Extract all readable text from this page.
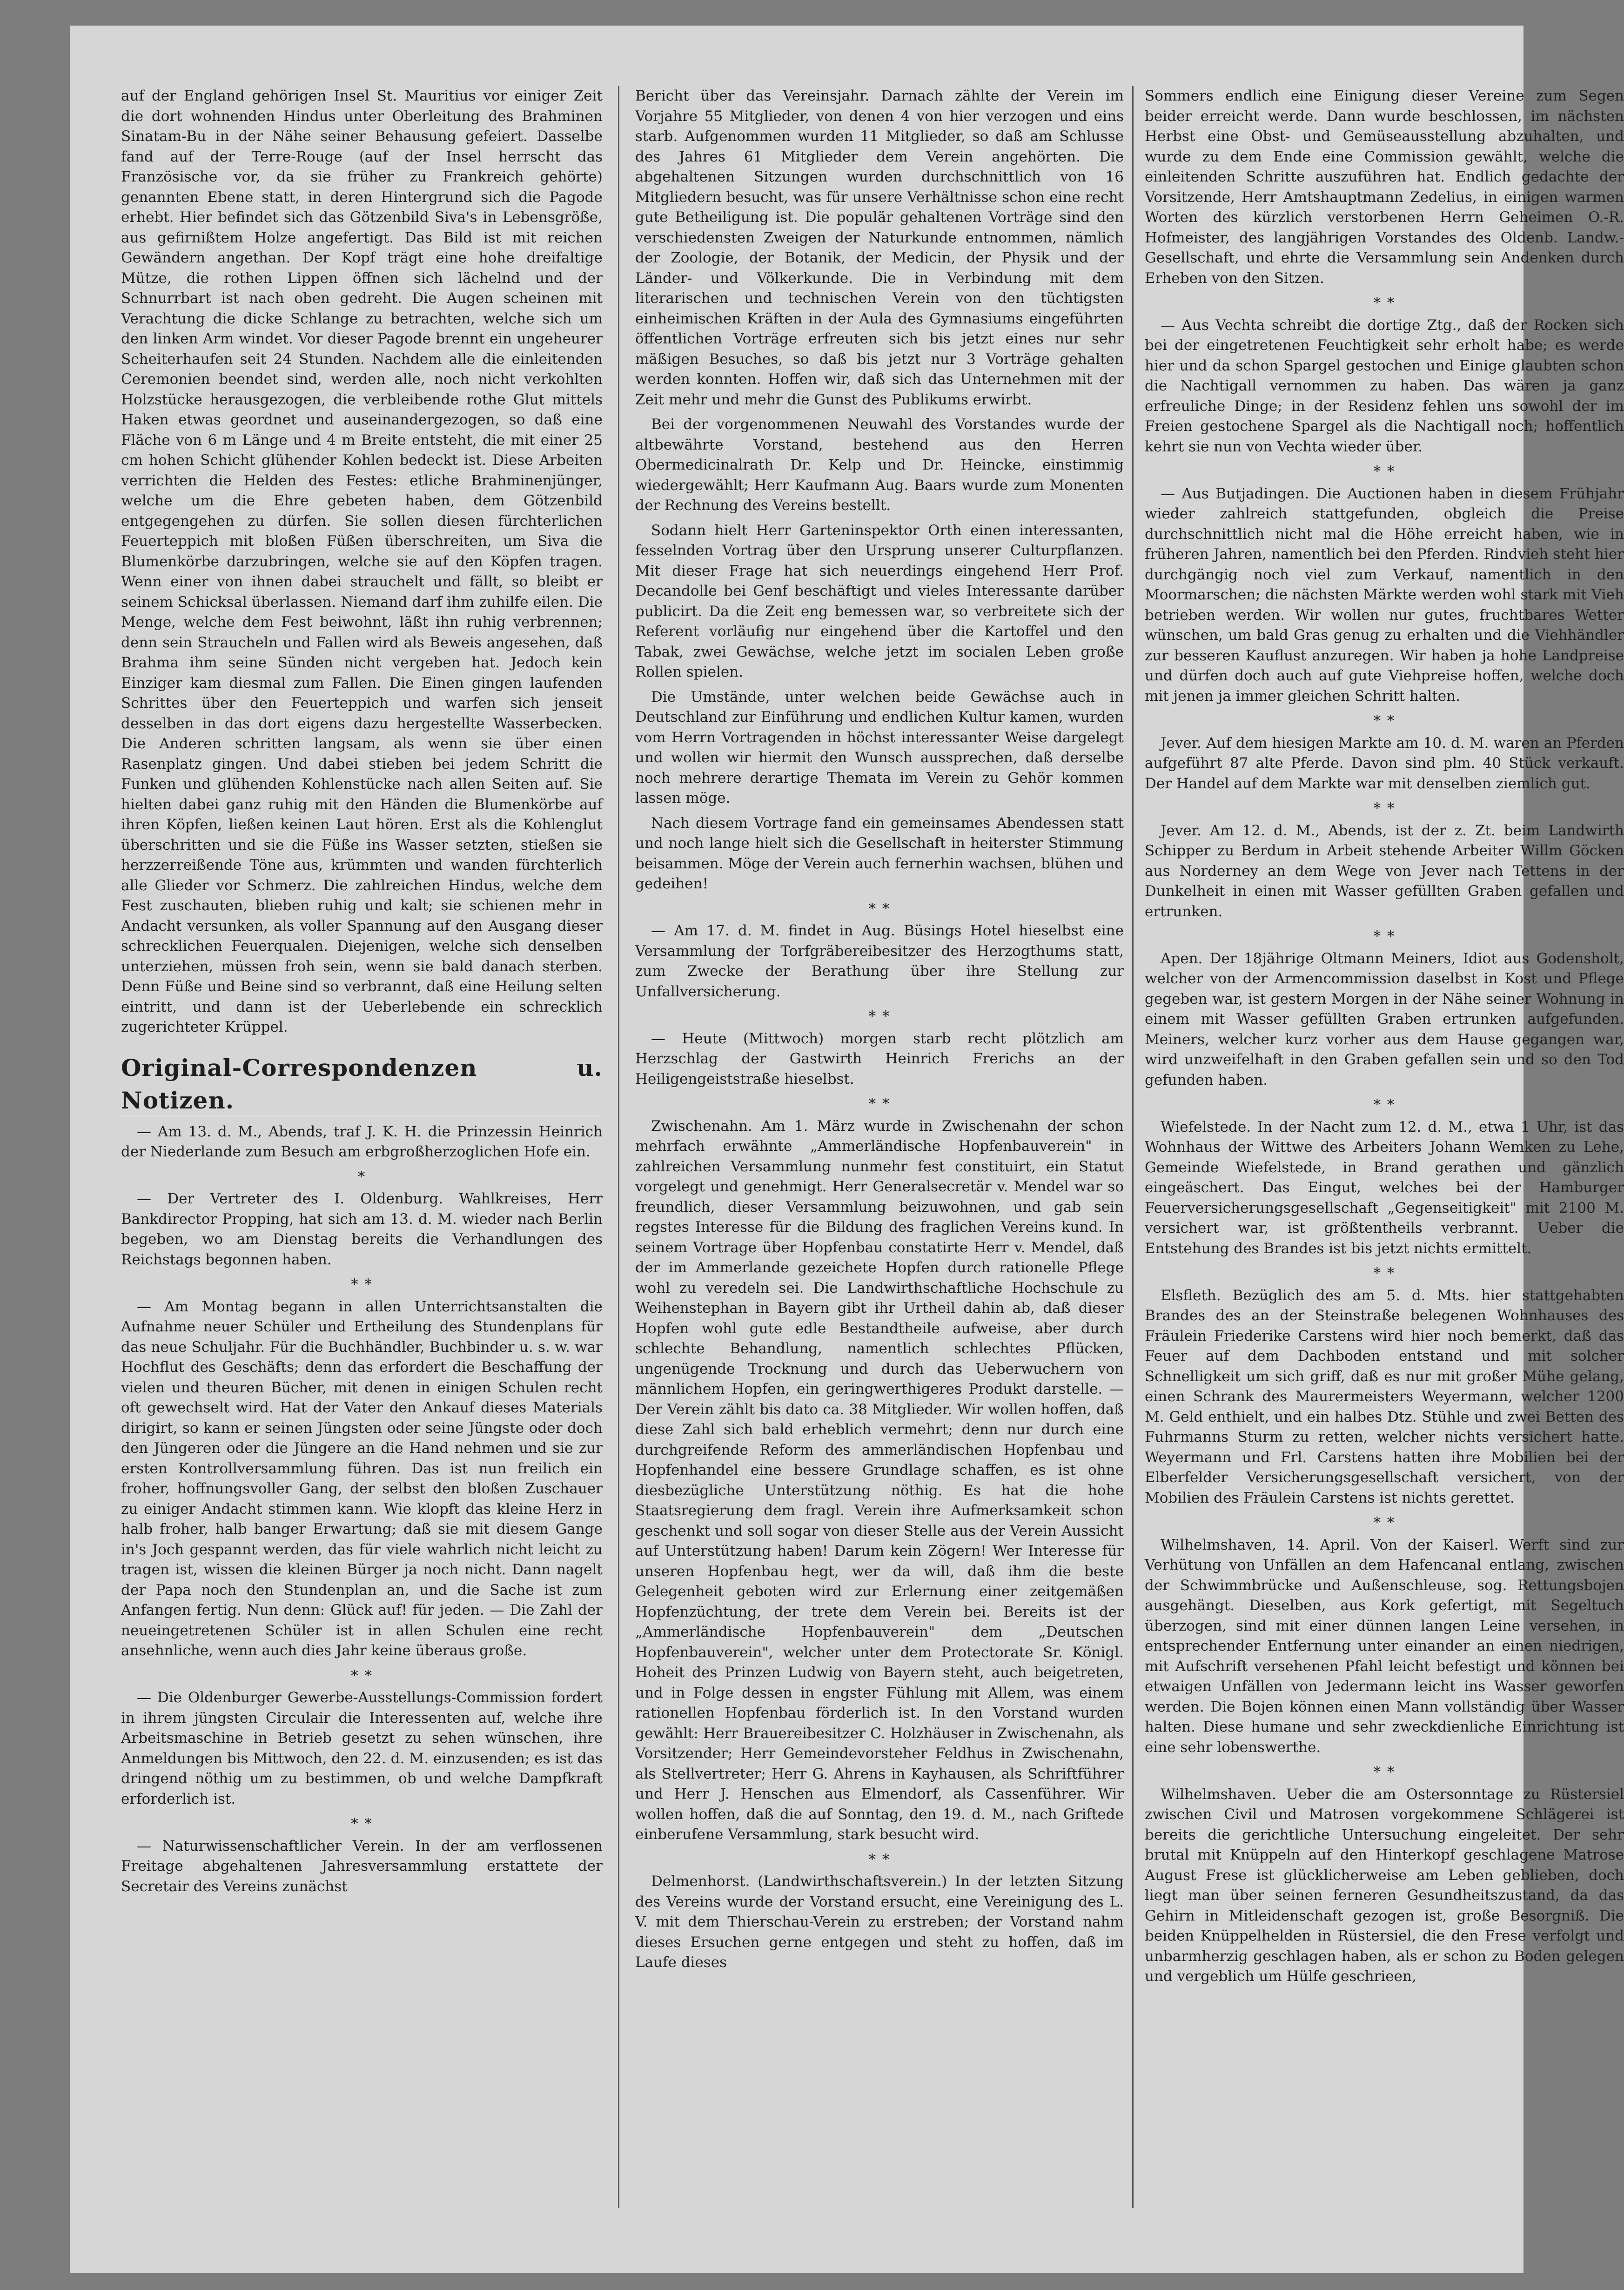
auf der England gehörigen Insel St. Mauritius vor einiger Zeit die dort wohnenden Hindus unter Oberleitung des Brahminen Sinatam-Bu in der Nähe seiner Behausung gefeiert. Dasselbe fand auf der Terre-Rouge (auf der Insel herrscht das Französische vor, da sie früher zu Frankreich gehörte) genannten Ebene statt, in deren Hintergrund sich die Pagode erhebt. Hier befindet sich das Götzenbild Siva's in Lebensgröße, aus gefirnißtem Holze angefertigt. Das Bild ist mit reichen Gewändern angethan. Der Kopf trägt eine hohe dreifaltige Mütze, die rothen Lippen öffnen sich lächelnd und der Schnurrbart ist nach oben gedreht. Die Augen scheinen mit Verachtung die dicke Schlange zu betrachten, welche sich um den linken Arm windet. Vor dieser Pagode brennt ein ungeheurer Scheiterhaufen seit 24 Stunden. Nachdem alle die einleitenden Ceremonien beendet sind, werden alle, noch nicht verkohlten Holzstücke herausgezogen, die verbleibende rothe Glut mittels Haken etwas geordnet und auseinandergezogen, so daß eine Fläche von 6 m Länge und 4 m Breite entsteht, die mit einer 25 cm hohen Schicht glühender Kohlen bedeckt ist. Diese Arbeiten verrichten die Helden des Festes: etliche Brahminenjünger, welche um die Ehre gebeten haben, dem Götzenbild entgegengehen zu dürfen. Sie sollen diesen fürchterlichen Feuerteppich mit bloßen Füßen überschreiten, um Siva die Blumenkörbe darzubringen, welche sie auf den Köpfen tragen. Wenn einer von ihnen dabei strauchelt und fällt, so bleibt er seinem Schicksal überlassen. Niemand darf ihm zuhilfe eilen. Die Menge, welche dem Fest beiwohnt, läßt ihn ruhig verbrennen; denn sein Straucheln und Fallen wird als Beweis angesehen, daß Brahma ihm seine Sünden nicht vergeben hat. Jedoch kein Einziger kam diesmal zum Fallen. Die Einen gingen laufenden Schrittes über den Feuerteppich und warfen sich jenseit desselben in das dort eigens dazu hergestellte Wasserbecken. Die Anderen schritten langsam, als wenn sie über einen Rasenplatz gingen. Und dabei stieben bei jedem Schritt die Funken und glühenden Kohlenstücke nach allen Seiten auf. Sie hielten dabei ganz ruhig mit den Händen die Blumenkörbe auf ihren Köpfen, ließen keinen Laut hören. Erst als die Kohlenglut überschritten und sie die Füße ins Wasser setzten, stießen sie herzzerreißende Töne aus, krümmten und wanden fürchterlich alle Glieder vor Schmerz. Die zahlreichen Hindus, welche dem Fest zuschauten, blieben ruhig und kalt; sie schienen mehr in Andacht versunken, als voller Spannung auf den Ausgang dieser schrecklichen Feuerqualen. Diejenigen, welche sich denselben unterziehen, müssen froh sein, wenn sie bald danach sterben. Denn Füße und Beine sind so verbrannt, daß eine Heilung selten eintritt, und dann ist der Ueberlebende ein schrecklich zugerichteter Krüppel.

Original-Correspondenzen u. Notizen.

— Am 13. d. M., Abends, traf J. K. H. die Prinzessin Heinrich der Niederlande zum Besuch am erbgroßherzoglichen Hofe ein.

*

— Der Vertreter des I. Oldenburg. Wahlkreises, Herr Bankdirector Propping, hat sich am 13. d. M. wieder nach Berlin begeben, wo am Dienstag bereits die Verhandlungen des Reichstags begonnen haben.

* *

— Am Montag begann in allen Unterrichtsanstalten die Aufnahme neuer Schüler und Ertheilung des Stundenplans für das neue Schuljahr. Für die Buchhändler, Buchbinder u. s. w. war Hochflut des Geschäfts; denn das erfordert die Beschaffung der vielen und theuren Bücher, mit denen in einigen Schulen recht oft gewechselt wird. Hat der Vater den Ankauf dieses Materials dirigirt, so kann er seinen Jüngsten oder seine Jüngste oder doch den Jüngeren oder die Jüngere an die Hand nehmen und sie zur ersten Kontrollversammlung führen. Das ist nun freilich ein froher, hoffnungsvoller Gang, der selbst den bloßen Zuschauer zu einiger Andacht stimmen kann. Wie klopft das kleine Herz in halb froher, halb banger Erwartung; daß sie mit diesem Gange in's Joch gespannt werden, das für viele wahrlich nicht leicht zu tragen ist, wissen die kleinen Bürger ja noch nicht. Dann nagelt der Papa noch den Stundenplan an, und die Sache ist zum Anfangen fertig. Nun denn: Glück auf! für jeden. — Die Zahl der neueingetretenen Schüler ist in allen Schulen eine recht ansehnliche, wenn auch dies Jahr keine überaus große.

* *

— Die Oldenburger Gewerbe-Ausstellungs-Commission fordert in ihrem jüngsten Circulair die Interessenten auf, welche ihre Arbeitsmaschine in Betrieb gesetzt zu sehen wünschen, ihre Anmeldungen bis Mittwoch, den 22. d. M. einzusenden; es ist das dringend nöthig um zu bestimmen, ob und welche Dampfkraft erforderlich ist.

* *

— Naturwissenschaftlicher Verein. In der am verflossenen Freitage abgehaltenen Jahresversammlung erstattete der Secretair des Vereins zunächst

Bericht über das Vereinsjahr. Darnach zählte der Verein im Vorjahre 55 Mitglieder, von denen 4 von hier verzogen und eins starb. Aufgenommen wurden 11 Mitglieder, so daß am Schlusse des Jahres 61 Mitglieder dem Verein angehörten. Die abgehaltenen Sitzungen wurden durchschnittlich von 16 Mitgliedern besucht, was für unsere Verhältnisse schon eine recht gute Betheiligung ist. Die populär gehaltenen Vorträge sind den verschiedensten Zweigen der Naturkunde entnommen, nämlich der Zoologie, der Botanik, der Medicin, der Physik und der Länder- und Völkerkunde. Die in Verbindung mit dem literarischen und technischen Verein von den tüchtigsten einheimischen Kräften in der Aula des Gymnasiums eingeführten öffentlichen Vorträge erfreuten sich bis jetzt eines nur sehr mäßigen Besuches, so daß bis jetzt nur 3 Vorträge gehalten werden konnten. Hoffen wir, daß sich das Unternehmen mit der Zeit mehr und mehr die Gunst des Publikums erwirbt.

Bei der vorgenommenen Neuwahl des Vorstandes wurde der altbewährte Vorstand, bestehend aus den Herren Obermedicinalrath Dr. Kelp und Dr. Heincke, einstimmig wiedergewählt; Herr Kaufmann Aug. Baars wurde zum Monenten der Rechnung des Vereins bestellt.

Sodann hielt Herr Garteninspektor Orth einen interessanten, fesselnden Vortrag über den Ursprung unserer Culturpflanzen. Mit dieser Frage hat sich neuerdings eingehend Herr Prof. Decandolle bei Genf beschäftigt und vieles Interessante darüber publicirt. Da die Zeit eng bemessen war, so verbreitete sich der Referent vorläufig nur eingehend über die Kartoffel und den Tabak, zwei Gewächse, welche jetzt im socialen Leben große Rollen spielen.

Die Umstände, unter welchen beide Gewächse auch in Deutschland zur Einführung und endlichen Kultur kamen, wurden vom Herrn Vortragenden in höchst interessanter Weise dargelegt und wollen wir hiermit den Wunsch aussprechen, daß derselbe noch mehrere derartige Themata im Verein zu Gehör kommen lassen möge.

Nach diesem Vortrage fand ein gemeinsames Abendessen statt und noch lange hielt sich die Gesellschaft in heiterster Stimmung beisammen. Möge der Verein auch fernerhin wachsen, blühen und gedeihen!

* *

— Am 17. d. M. findet in Aug. Büsings Hotel hieselbst eine Versammlung der Torfgräbereibesitzer des Herzogthums statt, zum Zwecke der Berathung über ihre Stellung zur Unfallversicherung.

* *

— Heute (Mittwoch) morgen starb recht plötzlich am Herzschlag der Gastwirth Heinrich Frerichs an der Heiligengeiststraße hieselbst.

* *

Zwischenahn. Am 1. März wurde in Zwischenahn der schon mehrfach erwähnte „Ammerländische Hopfenbauverein" in zahlreichen Versammlung nunmehr fest constituirt, ein Statut vorgelegt und genehmigt. Herr Generalsecretär v. Mendel war so freundlich, dieser Versammlung beizuwohnen, und gab sein regstes Interesse für die Bildung des fraglichen Vereins kund. In seinem Vortrage über Hopfenbau constatirte Herr v. Mendel, daß der im Ammerlande gezeichete Hopfen durch rationelle Pflege wohl zu veredeln sei. Die Landwirthschaftliche Hochschule zu Weihenstephan in Bayern gibt ihr Urtheil dahin ab, daß dieser Hopfen wohl gute edle Bestandtheile aufweise, aber durch schlechte Behandlung, namentlich schlechtes Pflücken, ungenügende Trocknung und durch das Ueberwuchern von männlichem Hopfen, ein geringwerthigeres Produkt darstelle. — Der Verein zählt bis dato ca. 38 Mitglieder. Wir wollen hoffen, daß diese Zahl sich bald erheblich vermehrt; denn nur durch eine durchgreifende Reform des ammerländischen Hopfenbau und Hopfenhandel eine bessere Grundlage schaffen, es ist ohne diesbezügliche Unterstützung nöthig. Es hat die hohe Staatsregierung dem fragl. Verein ihre Aufmerksamkeit schon geschenkt und soll sogar von dieser Stelle aus der Verein Aussicht auf Unterstützung haben! Darum kein Zögern! Wer Interesse für unseren Hopfenbau hegt, wer da will, daß ihm die beste Gelegenheit geboten wird zur Erlernung einer zeitgemäßen Hopfenzüchtung, der trete dem Verein bei. Bereits ist der „Ammerländische Hopfenbauverein" dem „Deutschen Hopfenbauverein", welcher unter dem Protectorate Sr. Königl. Hoheit des Prinzen Ludwig von Bayern steht, auch beigetreten, und in Folge dessen in engster Fühlung mit Allem, was einem rationellen Hopfenbau förderlich ist. In den Vorstand wurden gewählt: Herr Brauereibesitzer C. Holzhäuser in Zwischenahn, als Vorsitzender; Herr Gemeindevorsteher Feldhus in Zwischenahn, als Stellvertreter; Herr G. Ahrens in Kayhausen, als Schriftführer und Herr J. Henschen aus Elmendorf, als Cassenführer. Wir wollen hoffen, daß die auf Sonntag, den 19. d. M., nach Griftede einberufene Versammlung, stark besucht wird.

* *

Delmenhorst. (Landwirthschaftsverein.) In der letzten Sitzung des Vereins wurde der Vorstand ersucht, eine Vereinigung des L. V. mit dem Thierschau-Verein zu erstreben; der Vorstand nahm dieses Ersuchen gerne entgegen und steht zu hoffen, daß im Laufe dieses

Sommers endlich eine Einigung dieser Vereine zum Segen beider erreicht werde. Dann wurde beschlossen, im nächsten Herbst eine Obst- und Gemüseausstellung abzuhalten, und wurde zu dem Ende eine Commission gewählt, welche die einleitenden Schritte auszuführen hat. Endlich gedachte der Vorsitzende, Herr Amtshauptmann Zedelius, in einigen warmen Worten des kürzlich verstorbenen Herrn Geheimen O.-R. Hofmeister, des langjährigen Vorstandes des Oldenb. Landw.-Gesellschaft, und ehrte die Versammlung sein Andenken durch Erheben von den Sitzen.

* *

— Aus Vechta schreibt die dortige Ztg., daß der Rocken sich bei der eingetretenen Feuchtigkeit sehr erholt habe; es werde hier und da schon Spargel gestochen und Einige glaubten schon die Nachtigall vernommen zu haben. Das wären ja ganz erfreuliche Dinge; in der Residenz fehlen uns sowohl der im Freien gestochene Spargel als die Nachtigall noch; hoffentlich kehrt sie nun von Vechta wieder über.

* *

— Aus Butjadingen. Die Auctionen haben in diesem Frühjahr wieder zahlreich stattgefunden, obgleich die Preise durchschnittlich nicht mal die Höhe erreicht haben, wie in früheren Jahren, namentlich bei den Pferden. Rindvieh steht hier durchgängig noch viel zum Verkauf, namentlich in den Moormarschen; die nächsten Märkte werden wohl stark mit Vieh betrieben werden. Wir wollen nur gutes, fruchtbares Wetter wünschen, um bald Gras genug zu erhalten und die Viehhändler zur besseren Kauflust anzuregen. Wir haben ja hohe Landpreise und dürfen doch auch auf gute Viehpreise hoffen, welche doch mit jenen ja immer gleichen Schritt halten.

* *

Jever. Auf dem hiesigen Markte am 10. d. M. waren an Pferden aufgeführt 87 alte Pferde. Davon sind plm. 40 Stück verkauft. Der Handel auf dem Markte war mit denselben ziemlich gut.

* *

Jever. Am 12. d. M., Abends, ist der z. Zt. beim Landwirth Schipper zu Berdum in Arbeit stehende Arbeiter Willm Göcken aus Norderney an dem Wege von Jever nach Tettens in der Dunkelheit in einen mit Wasser gefüllten Graben gefallen und ertrunken.

* *

Apen. Der 18jährige Oltmann Meiners, Idiot aus Godensholt, welcher von der Armencommission daselbst in Kost und Pflege gegeben war, ist gestern Morgen in der Nähe seiner Wohnung in einem mit Wasser gefüllten Graben ertrunken aufgefunden. Meiners, welcher kurz vorher aus dem Hause gegangen war, wird unzweifelhaft in den Graben gefallen sein und so den Tod gefunden haben.

* *

Wiefelstede. In der Nacht zum 12. d. M., etwa 1 Uhr, ist das Wohnhaus der Wittwe des Arbeiters Johann Wemken zu Lehe, Gemeinde Wiefelstede, in Brand gerathen und gänzlich eingeäschert. Das Eingut, welches bei der Hamburger Feuerversicherungsgesellschaft „Gegenseitigkeit" mit 2100 M. versichert war, ist größtentheils verbrannt. Ueber die Entstehung des Brandes ist bis jetzt nichts ermittelt.

* *

Elsfleth. Bezüglich des am 5. d. Mts. hier stattgehabten Brandes des an der Steinstraße belegenen Wohnhauses des Fräulein Friederike Carstens wird hier noch bemerkt, daß das Feuer auf dem Dachboden entstand und mit solcher Schnelligkeit um sich griff, daß es nur mit großer Mühe gelang, einen Schrank des Maurermeisters Weyermann, welcher 1200 M. Geld enthielt, und ein halbes Dtz. Stühle und zwei Betten des Fuhrmanns Sturm zu retten, welcher nichts versichert hatte. Weyermann und Frl. Carstens hatten ihre Mobilien bei der Elberfelder Versicherungsgesellschaft versichert, von der Mobilien des Fräulein Carstens ist nichts gerettet.

* *

Wilhelmshaven, 14. April. Von der Kaiserl. Werft sind zur Verhütung von Unfällen an dem Hafencanal entlang, zwischen der Schwimmbrücke und Außenschleuse, sog. Rettungsbojen ausgehängt. Dieselben, aus Kork gefertigt, mit Segeltuch überzogen, sind mit einer dünnen langen Leine versehen, in entsprechender Entfernung unter einander an einen niedrigen, mit Aufschrift versehenen Pfahl leicht befestigt und können bei etwaigen Unfällen von Jedermann leicht ins Wasser geworfen werden. Die Bojen können einen Mann vollständig über Wasser halten. Diese humane und sehr zweckdienliche Einrichtung ist eine sehr lobenswerthe.

* *

Wilhelmshaven. Ueber die am Ostersonntage zu Rüstersiel zwischen Civil und Matrosen vorgekommene Schlägerei ist bereits die gerichtliche Untersuchung eingeleitet. Der sehr brutal mit Knüppeln auf den Hinterkopf geschlagene Matrose August Frese ist glücklicherweise am Leben geblieben, doch liegt man über seinen ferneren Gesundheitszustand, da das Gehirn in Mitleidenschaft gezogen ist, große Besorgniß. Die beiden Knüppelhelden in Rüstersiel, die den Frese verfolgt und unbarmherzig geschlagen haben, als er schon zu Boden gelegen und vergeblich um Hülfe geschrieen,
